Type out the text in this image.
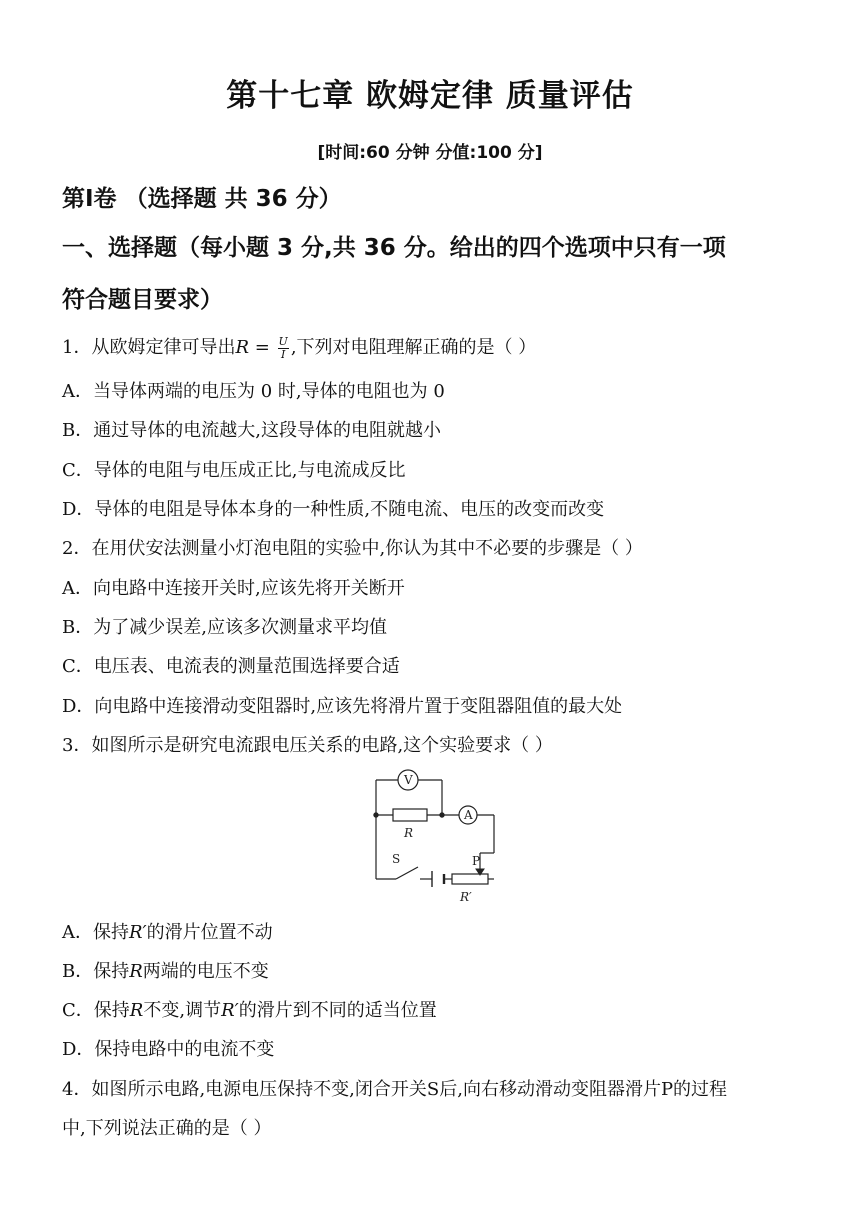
第十七章 欧姆定律 质量评估
[时间:60 分钟 分值:100 分]
第Ⅰ卷 （选择题 共 36 分）
一、选择题（每小题 3 分,共 36 分。给出的四个选项中只有一项
符合题目要求）
1．从欧姆定律可导出$R = \frac{U}{I}$ ,下列对电阻理解正确的是（ ）
A．当导体两端的电压为 0 时,导体的电阻也为 0
B．通过导体的电流越大,这段导体的电阻就越小
C．导体的电阻与电压成正比,与电流成反比
D．导体的电阻是导体本身的一种性质,不随电流、电压的改变而改变
2．在用伏安法测量小灯泡电阻的实验中,你认为其中不必要的步骤是（ ）
A．向电路中连接开关时,应该先将开关断开
B．为了减少误差,应该多次测量求平均值
C．电压表、电流表的测量范围选择要合适
D．向电路中连接滑动变阻器时,应该先将滑片置于变阻器阻值的最大处
3．如图所示是研究电流跟电压关系的电路,这个实验要求（ ）
V
A
R
S	P
R′
A．保持R′的滑片位置不动
B．保持R两端的电压不变
C．保持R不变,调节R′的滑片到不同的适当位置
D．保持电路中的电流不变
4．如图所示电路,电源电压保持不变,闭合开关S后,向右移动滑动变阻器滑片P的过程
中,下列说法正确的是（ ）
